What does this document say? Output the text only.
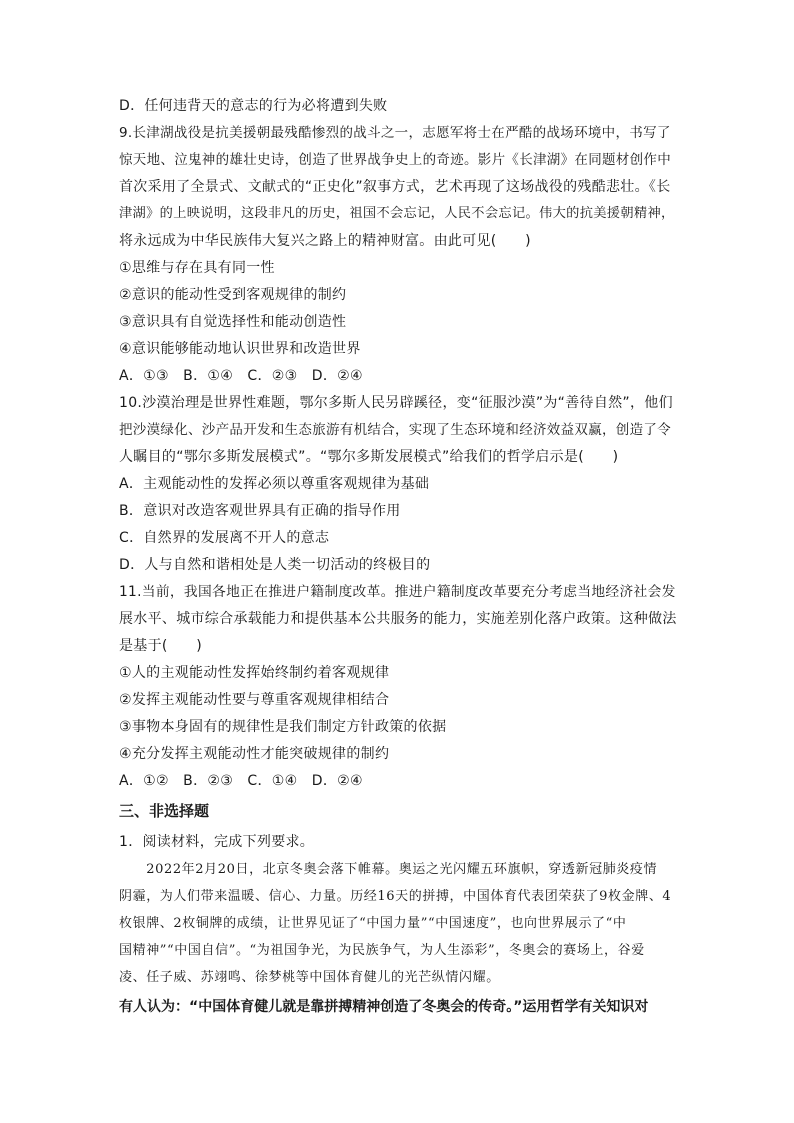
D．任何违背天的意志的行为必将遭到失败
9.长津湖战役是抗美援朝最残酷惨烈的战斗之一，志愿军将士在严酷的战场环境中，书写了
惊天地、泣鬼神的雄壮史诗，创造了世界战争史上的奇迹。影片《长津湖》在同题材创作中
首次采用了全景式、文献式的“正史化”叙事方式，艺术再现了这场战役的残酷悲壮。《长
津湖》的上映说明，这段非凡的历史，祖国不会忘记，人民不会忘记。伟大的抗美援朝精神，
将永远成为中华民族伟大复兴之路上的精神财富。由此可见(　　)
①思维与存在具有同一性
②意识的能动性受到客观规律的制约
③意识具有自觉选择性和能动创造性
④意识能够能动地认识世界和改造世界
A．①③　B．①④　C．②③　D．②④
10.沙漠治理是世界性难题，鄂尔多斯人民另辟蹊径，变“征服沙漠”为“善待自然”，他们
把沙漠绿化、沙产品开发和生态旅游有机结合，实现了生态环境和经济效益双赢，创造了令
人瞩目的“鄂尔多斯发展模式”。“鄂尔多斯发展模式”给我们的哲学启示是(　　)
A．主观能动性的发挥必须以尊重客观规律为基础
B．意识对改造客观世界具有正确的指导作用
C．自然界的发展离不开人的意志
D．人与自然和谐相处是人类一切活动的终极目的
11.当前，我国各地正在推进户籍制度改革。推进户籍制度改革要充分考虑当地经济社会发
展水平、城市综合承载能力和提供基本公共服务的能力，实施差别化落户政策。这种做法
是基于(　　)
①人的主观能动性发挥始终制约着客观规律
②发挥主观能动性要与尊重客观规律相结合
③事物本身固有的规律性是我们制定方针政策的依据
④充分发挥主观能动性才能突破规律的制约
A．①②　B．②③　C．①④　D．②④
三、非选择题
1．阅读材料，完成下列要求。
　　2022年2月20日，北京冬奥会落下帷幕。奥运之光闪耀五环旗帜，穿透新冠肺炎疫情
阴霾，为人们带来温暖、信心、力量。历经16天的拼搏，中国体育代表团荣获了9枚金牌、4
枚银牌、2枚铜牌的成绩，让世界见证了“中国力量”“中国速度”，也向世界展示了“中
国精神”“中国自信”。“为祖国争光，为民族争气，为人生添彩”，冬奥会的赛场上，谷爱
凌、任子威、苏翊鸣、徐梦桃等中国体育健儿的光芒纵情闪耀。
有人认为：“中国体育健儿就是靠拼搏精神创造了冬奥会的传奇。”运用哲学有关知识对
